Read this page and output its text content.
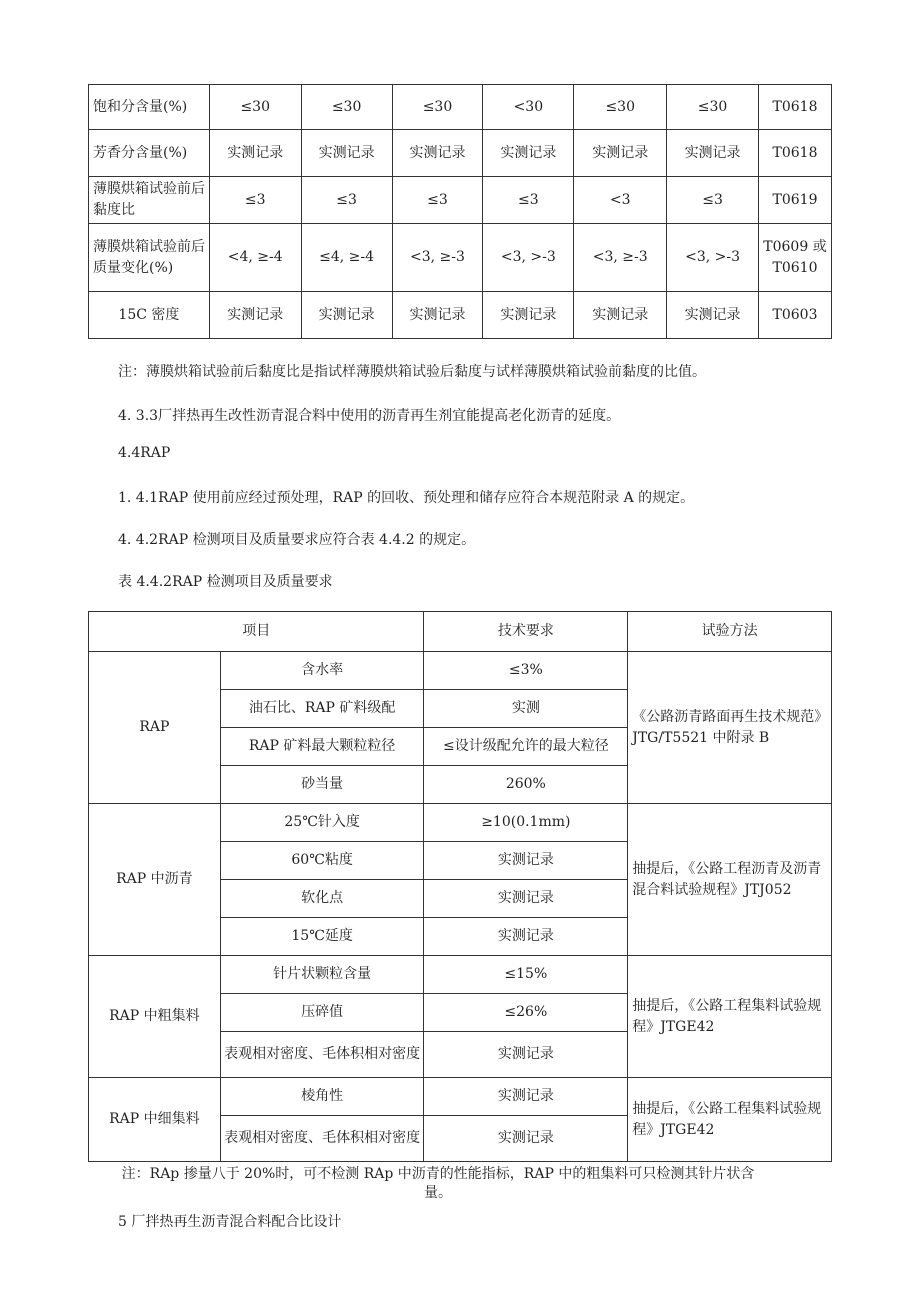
饱和分含量(%)	≤30	≤30	≤30	<30	≤30	≤30	T0618
芳香分含量(%)	实测记录	实测记录	实测记录	实测记录	实测记录	实测记录	T0618
薄膜烘箱试验前后黏度比	≤3	≤3	≤3	≤3	<3	≤3	T0619
薄膜烘箱试验前后质量变化(%)	<4, ≥-4	≤4, ≥-4	<3, ≥-3	<3, >-3	<3, ≥-3	<3, >-3	T0609 或 T0610
15C 密度	实测记录	实测记录	实测记录	实测记录	实测记录	实测记录	T0603
注：薄膜烘箱试验前后黏度比是指试样薄膜烘箱试验后黏度与试样薄膜烘箱试验前黏度的比值。
4. 3.3厂拌热再生改性沥青混合料中使用的沥青再生剂宜能提高老化沥青的延度。
4.4RAP
1. 4.1RAP 使用前应经过预处理，RAP 的回收、预处理和储存应符合本规范附录 A 的规定。
4. 4.2RAP 检测项目及质量要求应符合表 4.4.2 的规定。
表 4.4.2RAP 检测项目及质量要求
项目		技术要求	试验方法
RAP	含水率	≤3%	《公路沥青路面再生技术规范》JTG/T5521 中附录 B
	油石比、RAP 矿料级配	实测	
	RAP 矿料最大颗粒粒径	≤设计级配允许的最大粒径	
	砂当量	260%	
RAP 中沥青	25℃针入度	≥10(0.1mm)	抽提后，《公路工程沥青及沥青混合料试验规程》JTJ052
	60℃粘度	实测记录	
	软化点	实测记录	
	15℃延度	实测记录	
RAP 中粗集料	针片状颗粒含量	≤15%	抽提后，《公路工程集料试验规程》JTGE42
	压碎值	≤26%	
	表观相对密度、毛体积相对密度	实测记录	
RAP 中细集料	棱角性	实测记录	抽提后，《公路工程集料试验规程》JTGE42
	表观相对密度、毛体积相对密度	实测记录	
注：RAp 掺量八于 20%时，可不检测 RAp 中沥青的性能指标，RAP 中的粗集料可只检测其针片状含量。
5 厂拌热再生沥青混合料配合比设计
